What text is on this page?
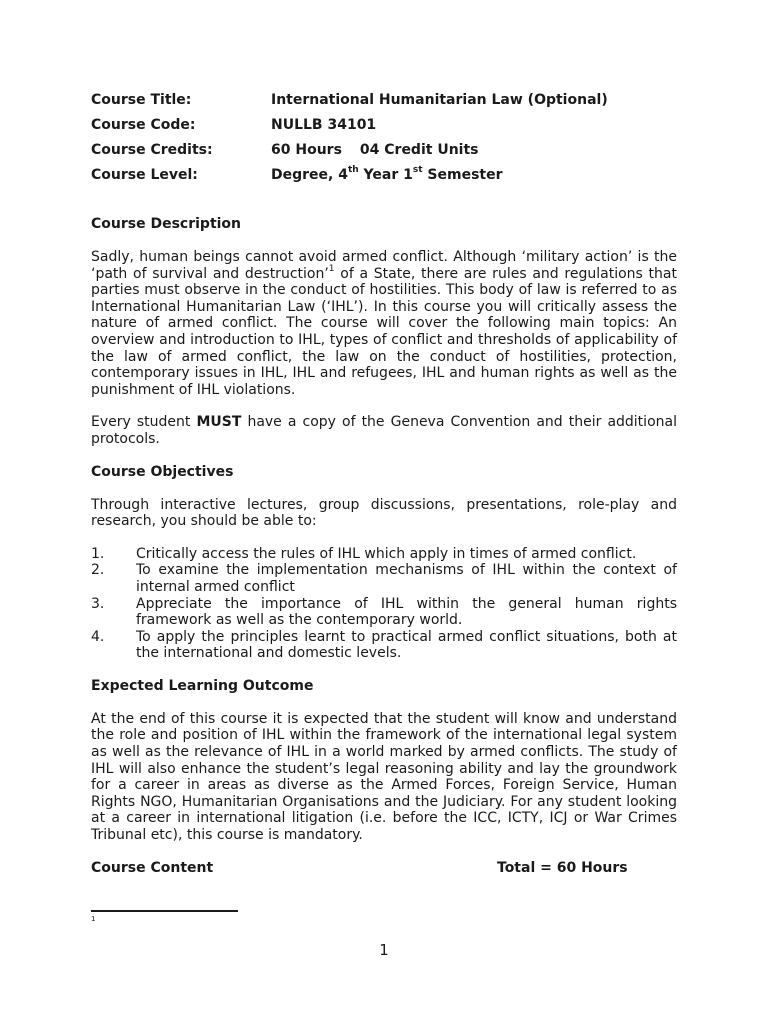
Course Title:	International Humanitarian Law (Optional)
Course Code:	NULLB 34101
Course Credits:	60 Hours 04 Credit Units
Course Level:	Degree, 4th Year 1st Semester
Course Description

Sadly, human beings cannot avoid armed conflict. Although ‘military action’ is the ‘path of survival and destruction’$^1$ of a State, there are rules and regulations that parties must observe in the conduct of hostilities. This body of law is referred to as International Humanitarian Law (‘IHL’). In this course you will critically assess the nature of armed conflict. The course will cover the following main topics: An overview and introduction to IHL, types of conflict and thresholds of applicability of the law of armed conflict, the law on the conduct of hostilities, protection, contemporary issues in IHL, IHL and refugees, IHL and human rights as well as the punishment of IHL violations.

Every student MUST have a copy of the Geneva Convention and their additional protocols.

Course Objectives

Through interactive lectures, group discussions, presentations, role-play and research, you should be able to:

1.	Critically access the rules of IHL which apply in times of armed conflict.
2.	To examine the implementation mechanisms of IHL within the context of internal armed conflict
3.	Appreciate the importance of IHL within the general human rights framework as well as the contemporary world.
4.	To apply the principles learnt to practical armed conflict situations, both at the international and domestic levels.
Expected Learning Outcome

At the end of this course it is expected that the student will know and understand the role and position of IHL within the framework of the international legal system as well as the relevance of IHL in a world marked by armed conflicts. The study of IHL will also enhance the student’s legal reasoning ability and lay the groundwork for a career in areas as diverse as the Armed Forces, Foreign Service, Human Rights NGO, Humanitarian Organisations and the Judiciary. For any student looking at a career in international litigation (i.e. before the ICC, ICTY, ICJ or War Crimes Tribunal etc), this course is mandatory.

Course Content	Total = 60 Hours
1
1
